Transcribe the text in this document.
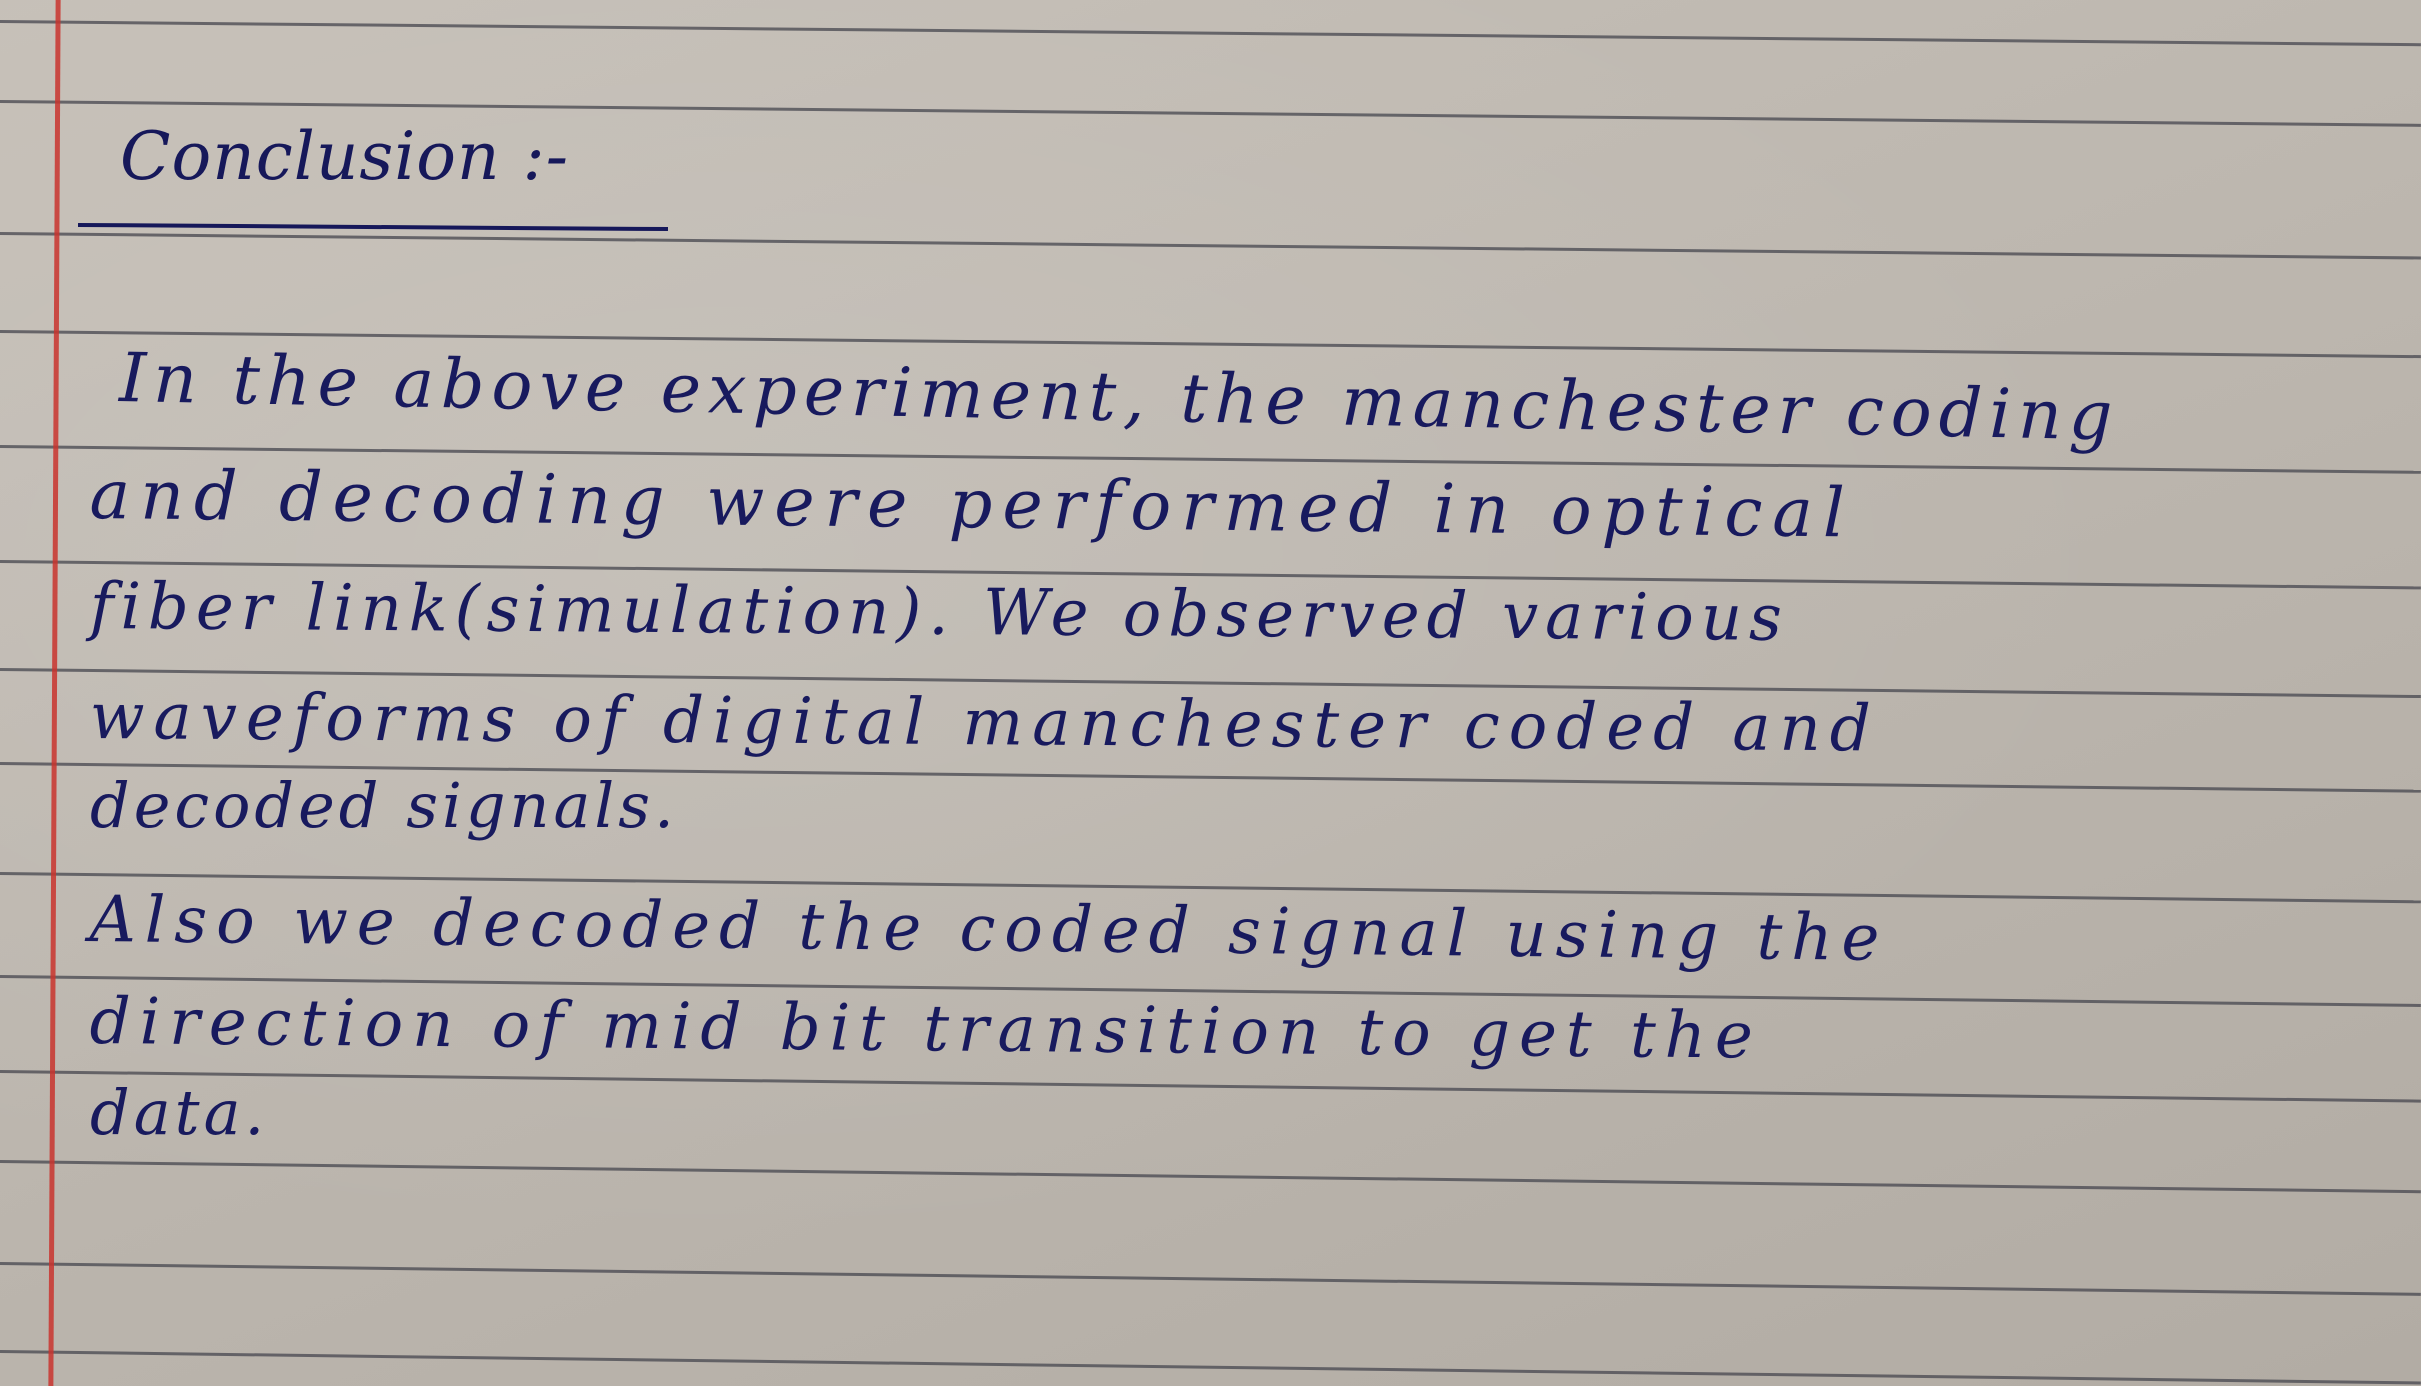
Conclusion :-
In the above experiment, the manchester coding
and decoding were performed in optical
fiber link(simulation). We observed various
waveforms of digital manchester coded and
decoded signals.
Also we decoded the coded signal using the
direction of mid bit transition to get the
data.
